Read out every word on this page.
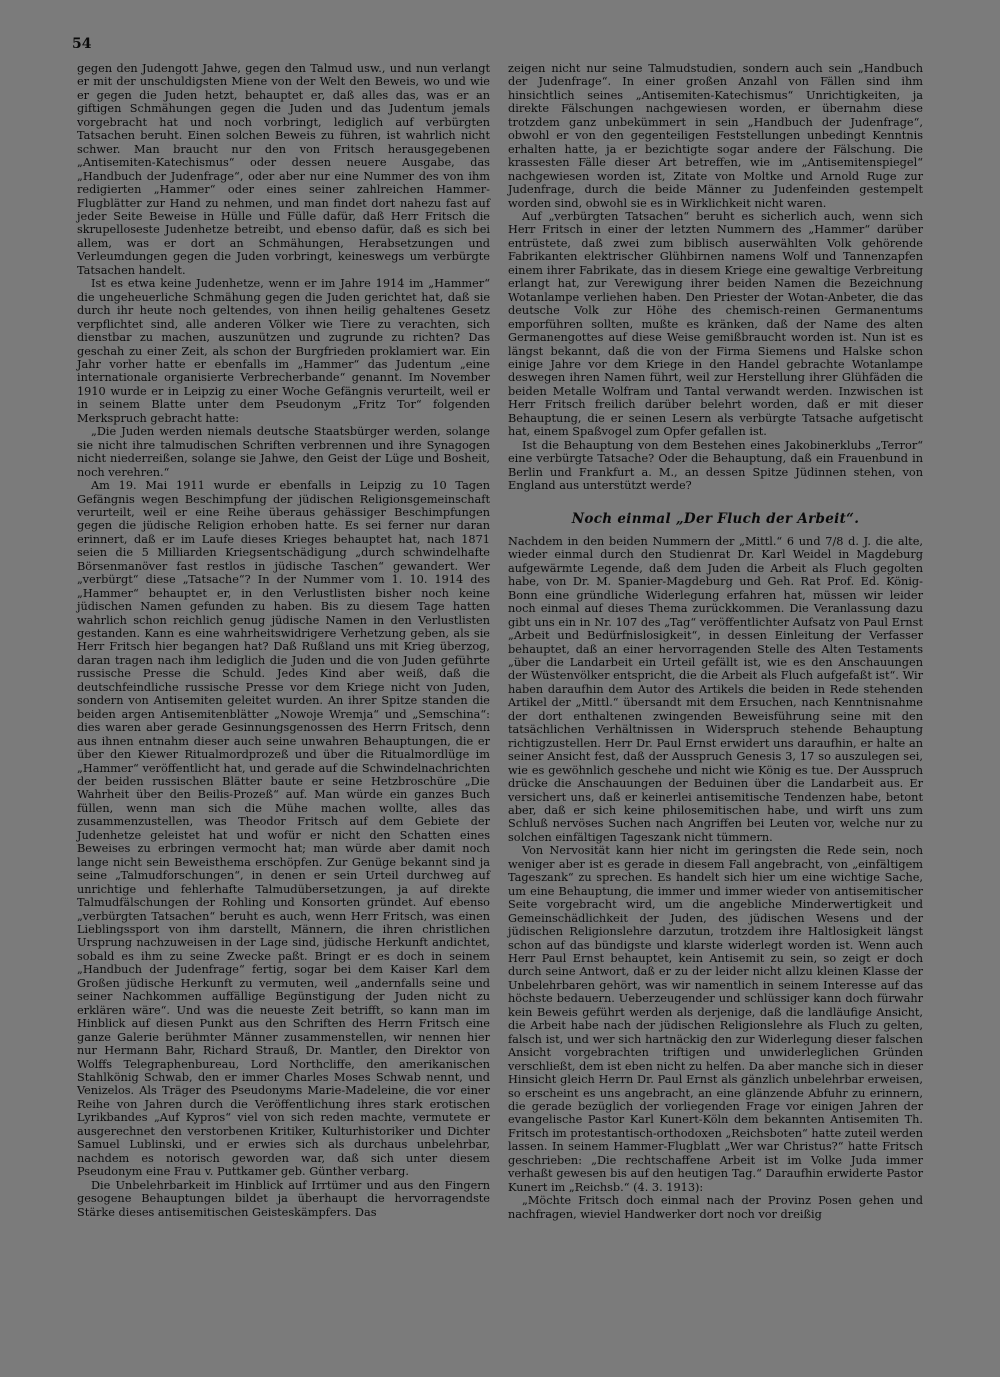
54

gegen den Judengott Jahwe, gegen den Talmud usw., und nun verlangt er mit der unschuldigsten Miene von der Welt den Beweis, wo und wie er gegen die Juden hetzt, behauptet er, daß alles das, was er an giftigen Schmähungen gegen die Juden und das Judentum jemals vorgebracht hat und noch vorbringt, lediglich auf verbürgten Tatsachen beruht. Einen solchen Beweis zu führen, ist wahrlich nicht schwer. Man braucht nur den von Fritsch herausgegebenen „Antisemiten-Katechismus“ oder dessen neuere Ausgabe, das „Handbuch der Judenfrage“, oder aber nur eine Nummer des von ihm redigierten „Hammer“ oder eines seiner zahlreichen Hammer-Flugblätter zur Hand zu nehmen, und man findet dort nahezu fast auf jeder Seite Beweise in Hülle und Fülle dafür, daß Herr Fritsch die skrupelloseste Judenhetze betreibt, und ebenso dafür, daß es sich bei allem, was er dort an Schmähungen, Herabsetzungen und Verleumdungen gegen die Juden vorbringt, keineswegs um verbürgte Tatsachen handelt.

Ist es etwa keine Judenhetze, wenn er im Jahre 1914 im „Hammer“ die ungeheuerliche Schmähung gegen die Juden gerichtet hat, daß sie durch ihr heute noch geltendes, von ihnen heilig gehaltenes Gesetz verpflichtet sind, alle anderen Völker wie Tiere zu verachten, sich dienstbar zu machen, auszunützen und zugrunde zu richten? Das geschah zu einer Zeit, als schon der Burgfrieden proklamiert war. Ein Jahr vorher hatte er ebenfalls im „Hammer“ das Judentum „eine internationale organisierte Verbrecherbande“ genannt. Im November 1910 wurde er in Leipzig zu einer Woche Gefängnis verurteilt, weil er in seinem Blatte unter dem Pseudonym „Fritz Tor“ folgenden Merkspruch gebracht hatte:

„Die Juden werden niemals deutsche Staatsbürger werden, solange sie nicht ihre talmudischen Schriften verbrennen und ihre Synagogen nicht niederreißen, solange sie Jahwe, den Geist der Lüge und Bosheit, noch verehren.“

Am 19. Mai 1911 wurde er ebenfalls in Leipzig zu 10 Tagen Gefängnis wegen Beschimpfung der jüdischen Religionsgemeinschaft verurteilt, weil er eine Reihe überaus gehässiger Beschimpfungen gegen die jüdische Religion erhoben hatte. Es sei ferner nur daran erinnert, daß er im Laufe dieses Krieges behauptet hat, nach 1871 seien die 5 Milliarden Kriegsentschädigung „durch schwindelhafte Börsenmanöver fast restlos in jüdische Taschen“ gewandert. Wer „verbürgt“ diese „Tatsache“? In der Nummer vom 1. 10. 1914 des „Hammer“ behauptet er, in den Verlustlisten bisher noch keine jüdischen Namen gefunden zu haben. Bis zu diesem Tage hatten wahrlich schon reichlich genug jüdische Namen in den Verlustlisten gestanden. Kann es eine wahrheitswidrigere Verhetzung geben, als sie Herr Fritsch hier begangen hat? Daß Rußland uns mit Krieg überzog, daran tragen nach ihm lediglich die Juden und die von Juden geführte russische Presse die Schuld. Jedes Kind aber weiß, daß die deutschfeindliche russische Presse vor dem Kriege nicht von Juden, sondern von Antisemiten geleitet wurden. An ihrer Spitze standen die beiden argen Antisemitenblätter „Nowoje Wremja“ und „Semschina“: dies waren aber gerade Gesinnungsgenossen des Herrn Fritsch, denn aus ihnen entnahm dieser auch seine unwahren Behauptungen, die er über den Kiewer Ritualmordprozeß und über die Ritualmordlüge im „Hammer“ veröffentlicht hat, und gerade auf die Schwindelnachrichten der beiden russischen Blätter baute er seine Hetzbroschüre „Die Wahrheit über den Beilis-Prozeß“ auf. Man würde ein ganzes Buch füllen, wenn man sich die Mühe machen wollte, alles das zusammenzustellen, was Theodor Fritsch auf dem Gebiete der Judenhetze geleistet hat und wofür er nicht den Schatten eines Beweises zu erbringen vermocht hat; man würde aber damit noch lange nicht sein Beweisthema erschöpfen. Zur Genüge bekannt sind ja seine „Talmudforschungen“, in denen er sein Urteil durchweg auf unrichtige und fehlerhafte Talmudübersetzungen, ja auf direkte Talmudfälschungen der Rohling und Konsorten gründet. Auf ebenso „verbürgten Tatsachen“ beruht es auch, wenn Herr Fritsch, was einen Lieblingssport von ihm darstellt, Männern, die ihren christlichen Ursprung nachzuweisen in der Lage sind, jüdische Herkunft andichtet, sobald es ihm zu seine Zwecke paßt. Bringt er es doch in seinem „Handbuch der Judenfrage“ fertig, sogar bei dem Kaiser Karl dem Großen jüdische Herkunft zu vermuten, weil „andernfalls seine und seiner Nachkommen auffällige Begünstigung der Juden nicht zu erklären wäre“. Und was die neueste Zeit betrifft, so kann man im Hinblick auf diesen Punkt aus den Schriften des Herrn Fritsch eine ganze Galerie berühmter Männer zusammenstellen, wir nennen hier nur Hermann Bahr, Richard Strauß, Dr. Mantler, den Direktor von Wolffs Telegraphenbureau, Lord Northcliffe, den amerikanischen Stahlkönig Schwab, den er immer Charles Moses Schwab nennt, und Venizelos. Als Träger des Pseudonyms Marie-Madeleine, die vor einer Reihe von Jahren durch die Veröffentlichung ihres stark erotischen Lyrikbandes „Auf Kypros“ viel von sich reden machte, vermutete er ausgerechnet den verstorbenen Kritiker, Kulturhistoriker und Dichter Samuel Lublinski, und er erwies sich als durchaus unbelehrbar, nachdem es notorisch geworden war, daß sich unter diesem Pseudonym eine Frau v. Puttkamer geb. Günther verbarg.

Die Unbelehrbarkeit im Hinblick auf Irrtümer und aus den Fingern gesogene Behauptungen bildet ja überhaupt die hervorragendste Stärke dieses antisemitischen Geisteskämpfers. Das

zeigen nicht nur seine Talmudstudien, sondern auch sein „Handbuch der Judenfrage“. In einer großen Anzahl von Fällen sind ihm hinsichtlich seines „Antisemiten-Katechismus“ Unrichtigkeiten, ja direkte Fälschungen nachgewiesen worden, er übernahm diese trotzdem ganz unbekümmert in sein „Handbuch der Judenfrage“, obwohl er von den gegenteiligen Feststellungen unbedingt Kenntnis erhalten hatte, ja er bezichtigte sogar andere der Fälschung. Die krassesten Fälle dieser Art betreffen, wie im „Antisemitenspiegel“ nachgewiesen worden ist, Zitate von Moltke und Arnold Ruge zur Judenfrage, durch die beide Männer zu Judenfeinden gestempelt worden sind, obwohl sie es in Wirklichkeit nicht waren.

Auf „verbürgten Tatsachen“ beruht es sicherlich auch, wenn sich Herr Fritsch in einer der letzten Nummern des „Hammer“ darüber entrüstete, daß zwei zum biblisch auserwählten Volk gehörende Fabrikanten elektrischer Glühbirnen namens Wolf und Tannenzapfen einem ihrer Fabrikate, das in diesem Kriege eine gewaltige Verbreitung erlangt hat, zur Verewigung ihrer beiden Namen die Bezeichnung Wotanlampe verliehen haben. Den Priester der Wotan-Anbeter, die das deutsche Volk zur Höhe des chemisch-reinen Germanentums emporführen sollten, mußte es kränken, daß der Name des alten Germanengottes auf diese Weise gemißbraucht worden ist. Nun ist es längst bekannt, daß die von der Firma Siemens und Halske schon einige Jahre vor dem Kriege in den Handel gebrachte Wotanlampe deswegen ihren Namen führt, weil zur Herstellung ihrer Glühfäden die beiden Metalle Wolfram und Tantal verwandt werden. Inzwischen ist Herr Fritsch freilich darüber belehrt worden, daß er mit dieser Behauptung, die er seinen Lesern als verbürgte Tatsache aufgetischt hat, einem Spaßvogel zum Opfer gefallen ist.

Ist die Behauptung von dem Bestehen eines Jakobinerklubs „Terror“ eine verbürgte Tatsache? Oder die Behauptung, daß ein Frauenbund in Berlin und Frankfurt a. M., an dessen Spitze Jüdinnen stehen, von England aus unterstützt werde?

Noch einmal „Der Fluch der Arbeit“.

Nachdem in den beiden Nummern der „Mittl.“ 6 und 7/8 d. J. die alte, wieder einmal durch den Studienrat Dr. Karl Weidel in Magdeburg aufgewärmte Legende, daß dem Juden die Arbeit als Fluch gegolten habe, von Dr. M. Spanier-Magdeburg und Geh. Rat Prof. Ed. König-Bonn eine gründliche Widerlegung erfahren hat, müssen wir leider noch einmal auf dieses Thema zurückkommen. Die Veranlassung dazu gibt uns ein in Nr. 107 des „Tag“ veröffentlichter Aufsatz von Paul Ernst „Arbeit und Bedürfnislosigkeit“, in dessen Einleitung der Verfasser behauptet, daß an einer hervorragenden Stelle des Alten Testaments „über die Landarbeit ein Urteil gefällt ist, wie es den Anschauungen der Wüstenvölker entspricht, die die Arbeit als Fluch aufgefaßt ist“. Wir haben daraufhin dem Autor des Artikels die beiden in Rede stehenden Artikel der „Mittl.“ übersandt mit dem Ersuchen, nach Kenntnisnahme der dort enthaltenen zwingenden Beweisführung seine mit den tatsächlichen Verhältnissen in Widerspruch stehende Behauptung richtigzustellen. Herr Dr. Paul Ernst erwidert uns daraufhin, er halte an seiner Ansicht fest, daß der Ausspruch Genesis 3, 17 so auszulegen sei, wie es gewöhnlich geschehe und nicht wie König es tue. Der Ausspruch drücke die Anschauungen der Beduinen über die Landarbeit aus. Er versichert uns, daß er keinerlei antisemitische Tendenzen habe, betont aber, daß er sich keine philosemitischen habe, und wirft uns zum Schluß nervöses Suchen nach Angriffen bei Leuten vor, welche nur zu solchen einfältigen Tageszank nicht tümmern.

Von Nervosität kann hier nicht im geringsten die Rede sein, noch weniger aber ist es gerade in diesem Fall angebracht, von „einfältigem Tageszank“ zu sprechen. Es handelt sich hier um eine wichtige Sache, um eine Behauptung, die immer und immer wieder von antisemitischer Seite vorgebracht wird, um die angebliche Minderwertigkeit und Gemeinschädlichkeit der Juden, des jüdischen Wesens und der jüdischen Religionslehre darzutun, trotzdem ihre Haltlosigkeit längst schon auf das bündigste und klarste widerlegt worden ist. Wenn auch Herr Paul Ernst behauptet, kein Antisemit zu sein, so zeigt er doch durch seine Antwort, daß er zu der leider nicht allzu kleinen Klasse der Unbelehrbaren gehört, was wir namentlich in seinem Interesse auf das höchste bedauern. Ueberzeugender und schlüssiger kann doch fürwahr kein Beweis geführt werden als derjenige, daß die landläufige Ansicht, die Arbeit habe nach der jüdischen Religionslehre als Fluch zu gelten, falsch ist, und wer sich hartnäckig den zur Widerlegung dieser falschen Ansicht vorgebrachten triftigen und unwiderleglichen Gründen verschließt, dem ist eben nicht zu helfen. Da aber manche sich in dieser Hinsicht gleich Herrn Dr. Paul Ernst als gänzlich unbelehrbar erweisen, so erscheint es uns angebracht, an eine glänzende Abfuhr zu erinnern, die gerade bezüglich der vorliegenden Frage vor einigen Jahren der evangelische Pastor Karl Kunert-Köln dem bekannten Antisemiten Th. Fritsch im protestantisch-orthodoxen „Reichsboten“ hatte zuteil werden lassen. In seinem Hammer-Flugblatt „Wer war Christus?“ hatte Fritsch geschrieben: „Die rechtschaffene Arbeit ist im Volke Juda immer verhaßt gewesen bis auf den heutigen Tag.“ Daraufhin erwiderte Pastor Kunert im „Reichsb.“ (4. 3. 1913):

„Möchte Fritsch doch einmal nach der Provinz Posen gehen und nachfragen, wieviel Handwerker dort noch vor dreißig
